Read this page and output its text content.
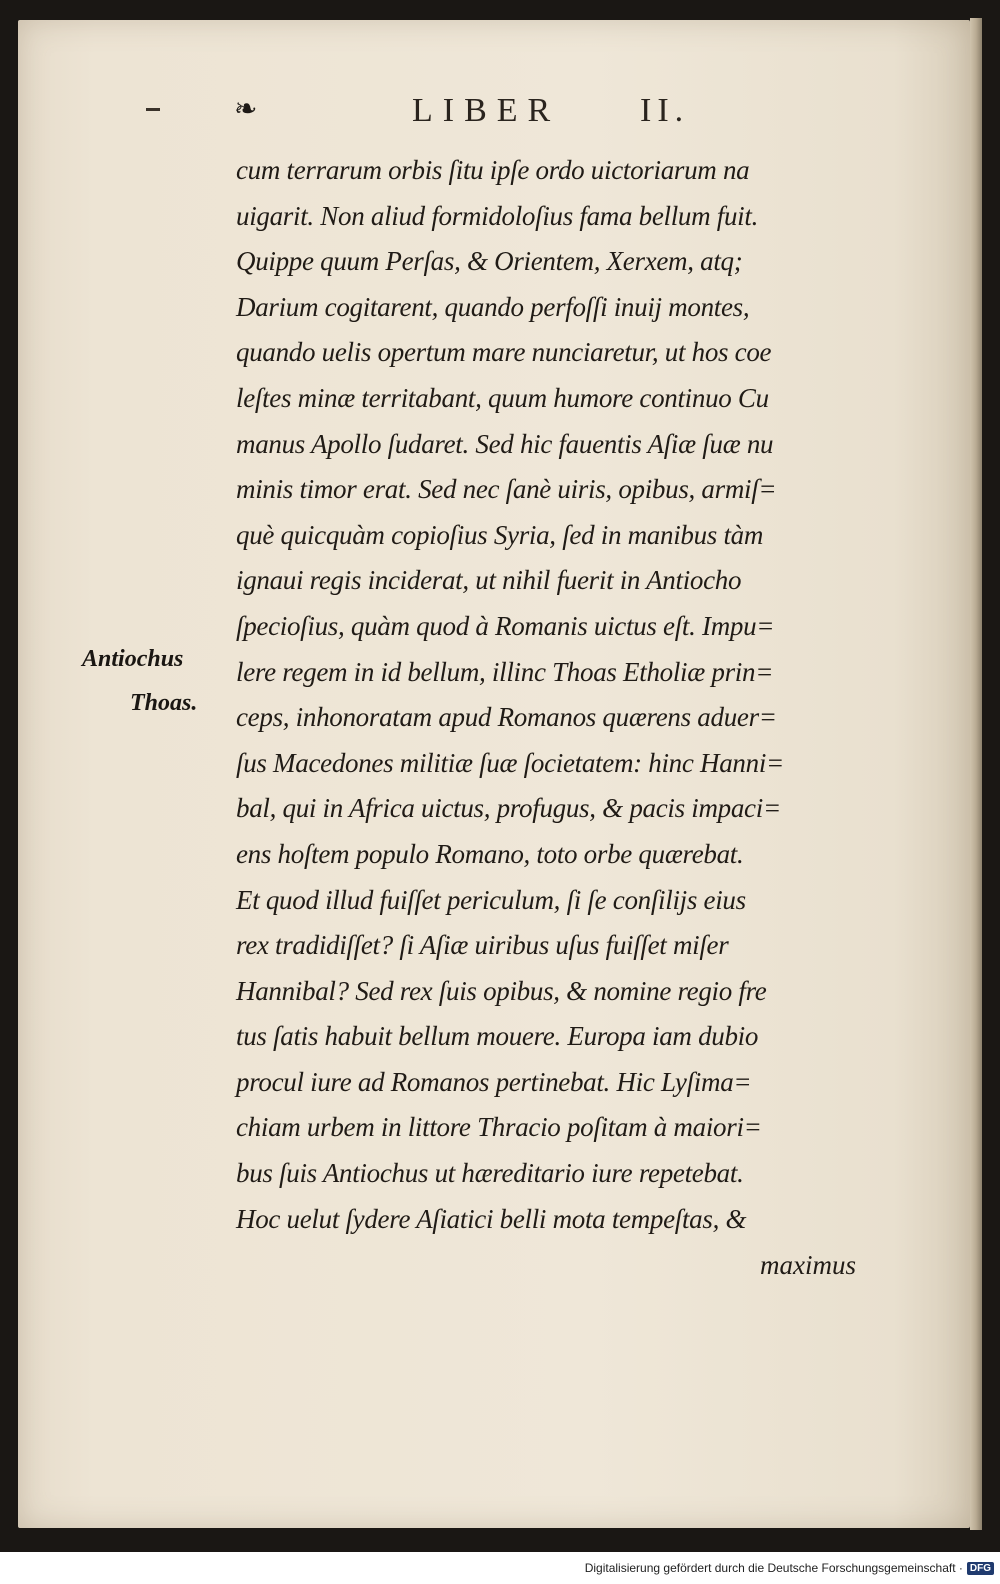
❧	LIBER II.
Antiochus
Thoas.
cum terrarum orbis ſitu ipſe ordo uictoriarum na
uigarit. Non aliud formidoloſius fama bellum fuit.
Quippe quum Perſas, & Orientem, Xerxem, atq;
Darium cogitarent, quando perfoſſi inuij montes,
quando uelis opertum mare nunciaretur, ut hos coe
leſtes minæ territabant, quum humore continuo Cu
manus Apollo ſudaret. Sed hic fauentis Aſiæ ſuæ nu
minis timor erat. Sed nec ſanè uiris, opibus, armiſ=
què quicquàm copioſius Syria, ſed in manibus tàm
ignaui regis inciderat, ut nihil fuerit in Antiocho
ſpecioſius, quàm quod à Romanis uictus eſt. Impu=
lere regem in id bellum, illinc Thoas Etholiæ prin=
ceps, inhonoratam apud Romanos quærens aduer=
ſus Macedones militiæ ſuæ ſocietatem: hinc Hanni=
bal, qui in Africa uictus, profugus, & pacis impaci=
ens hoſtem populo Romano, toto orbe quærebat.
Et quod illud fuiſſet periculum, ſi ſe conſilijs eius
rex tradidiſſet? ſi Aſiæ uiribus uſus fuiſſet miſer
Hannibal? Sed rex ſuis opibus, & nomine regio fre
tus ſatis habuit bellum mouere. Europa iam dubio
procul iure ad Romanos pertinebat. Hic Lyſima=
chiam urbem in littore Thracio poſitam à maiori=
bus ſuis Antiochus ut hæreditario iure repetebat.
Hoc uelut ſydere Aſiatici belli mota tempeſtas, &
maximus
Digitalisierung gefördert durch die Deutsche Forschungsgemeinschaft · DFG
